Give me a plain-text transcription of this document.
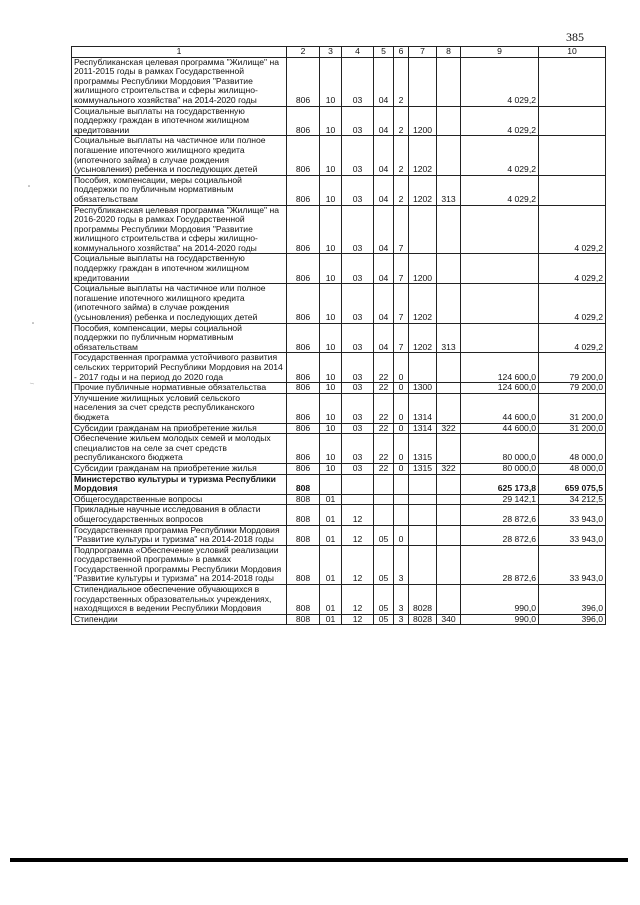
385
1	2	3	4	5	6	7	8	9	10
Республиканская целевая программа "Жилище" на 2011-2015 годы в рамках Государственной программы Республики Мордовия "Развитие жилищного строительства и сферы жилищно-коммунального хозяйства" на 2014-2020 годы	806	10	03	04	2			4 029,2	
Социальные выплаты на государственную поддержку граждан в ипотечном жилищном кредитовании	806	10	03	04	2	1200		4 029,2	
Социальные выплаты на частичное или полное погашение ипотечного жилищного кредита (ипотечного займа) в случае рождения (усыновления) ребенка и последующих детей	806	10	03	04	2	1202		4 029,2	
Пособия, компенсации, меры социальной поддержки по публичным нормативным обязательствам	806	10	03	04	2	1202	313	4 029,2	
Республиканская целевая программа "Жилище" на 2016-2020 годы в рамках Государственной программы Республики Мордовия "Развитие жилищного строительства и сферы жилищно-коммунального хозяйства" на 2014-2020 годы	806	10	03	04	7				4 029,2
Социальные выплаты на государственную поддержку граждан в ипотечном жилищном кредитовании	806	10	03	04	7	1200			4 029,2
Социальные выплаты на частичное или полное погашение ипотечного жилищного кредита (ипотечного займа) в случае рождения (усыновления) ребенка и последующих детей	806	10	03	04	7	1202			4 029,2
Пособия, компенсации, меры социальной поддержки по публичным нормативным обязательствам	806	10	03	04	7	1202	313		4 029,2
Государственная программа устойчивого развития сельских территорий Республики Мордовия на 2014 - 2017 годы и на период до 2020 года	806	10	03	22	0			124 600,0	79 200,0
Прочие публичные нормативные обязательства	806	10	03	22	0	1300		124 600,0	79 200,0
Улучшение жилищных условий сельского населения за счет средств республиканского бюджета	806	10	03	22	0	1314		44 600,0	31 200,0
Субсидии гражданам на приобретение жилья	806	10	03	22	0	1314	322	44 600,0	31 200,0
Обеспечение жильем молодых семей и молодых специалистов на селе за счет средств республиканского бюджета	806	10	03	22	0	1315		80 000,0	48 000,0
Субсидии гражданам на приобретение жилья	806	10	03	22	0	1315	322	80 000,0	48 000,0
Министерство культуры и туризма Республики Мордовия	808							625 173,8	659 075,5
Общегосударственные вопросы	808	01						29 142,1	34 212,5
Прикладные научные исследования в области общегосударственных вопросов	808	01	12					28 872,6	33 943,0
Государственная программа Республики Мордовия "Развитие культуры и туризма" на 2014-2018 годы	808	01	12	05	0			28 872,6	33 943,0
Подпрограмма «Обеспечение условий реализации государственной программы» в рамках Государственной программы Республики Мордовия "Развитие культуры и туризма" на 2014-2018 годы	808	01	12	05	3			28 872,6	33 943,0
Стипендиальное обеспечение обучающихся в государственных образовательных учреждениях, находящихся в ведении Республики Мордовия	808	01	12	05	3	8028		990,0	396,0
Стипендии	808	01	12	05	3	8028	340	990,0	396,0
